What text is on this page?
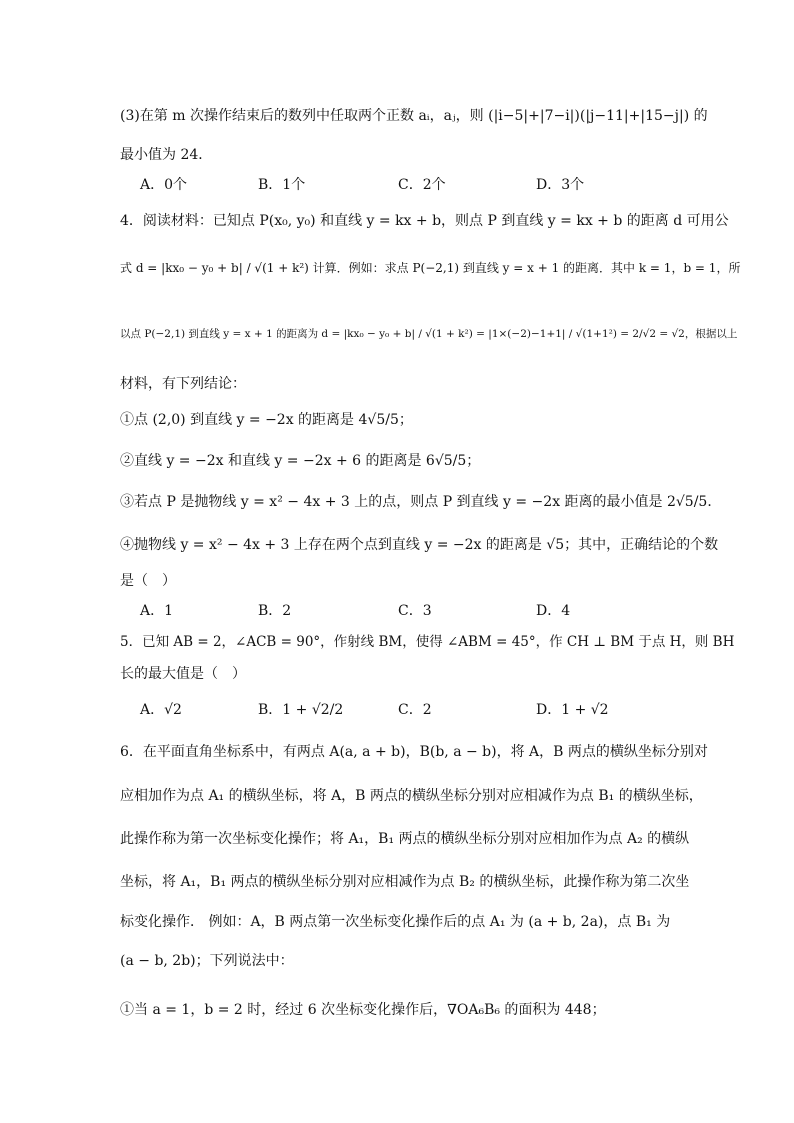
(3)在第 m 次操作结束后的数列中任取两个正数 aᵢ，aⱼ，则 (|i−5|+|7−i|)(|j−11|+|15−j|) 的
最小值为 24．
A．0个	B．1个	C．2个	D．3个
4．阅读材料：已知点 P(x₀, y₀) 和直线 y = kx + b，则点 P 到直线 y = kx + b 的距离 d 可用公
式 d = |kx₀ − y₀ + b| / √(1 + k²) 计算．例如：求点 P(−2,1) 到直线 y = x + 1 的距离．其中 k = 1，b = 1，所
以点 P(−2,1) 到直线 y = x + 1 的距离为 d = |kx₀ − y₀ + b| / √(1 + k²) = |1×(−2)−1+1| / √(1+1²) = 2/√2 = √2，根据以上
材料，有下列结论：
①点 (2,0) 到直线 y = −2x 的距离是 4√5/5；
②直线 y = −2x 和直线 y = −2x + 6 的距离是 6√5/5；
③若点 P 是抛物线 y = x² − 4x + 3 上的点，则点 P 到直线 y = −2x 距离的最小值是 2√5/5．
④抛物线 y = x² − 4x + 3 上存在两个点到直线 y = −2x 的距离是 √5；其中，正确结论的个数
是（　）
A．1	B．2	C．3	D．4
5．已知 AB = 2，∠ACB = 90°，作射线 BM，使得 ∠ABM = 45°，作 CH ⊥ BM 于点 H，则 BH
长的最大值是（　）
A．√2	B．1 + √2/2	C．2	D．1 + √2
6．在平面直角坐标系中，有两点 A(a, a + b)，B(b, a − b)，将 A，B 两点的横纵坐标分别对
应相加作为点 A₁ 的横纵坐标，将 A，B 两点的横纵坐标分别对应相减作为点 B₁ 的横纵坐标，
此操作称为第一次坐标变化操作；将 A₁，B₁ 两点的横纵坐标分别对应相加作为点 A₂ 的横纵
坐标，将 A₁，B₁ 两点的横纵坐标分别对应相减作为点 B₂ 的横纵坐标，此操作称为第二次坐
标变化操作． 例如：A，B 两点第一次坐标变化操作后的点 A₁ 为 (a + b, 2a)，点 B₁ 为
(a − b, 2b)；下列说法中：
①当 a = 1，b = 2 时，经过 6 次坐标变化操作后，∇OA₆B₆ 的面积为 448；
